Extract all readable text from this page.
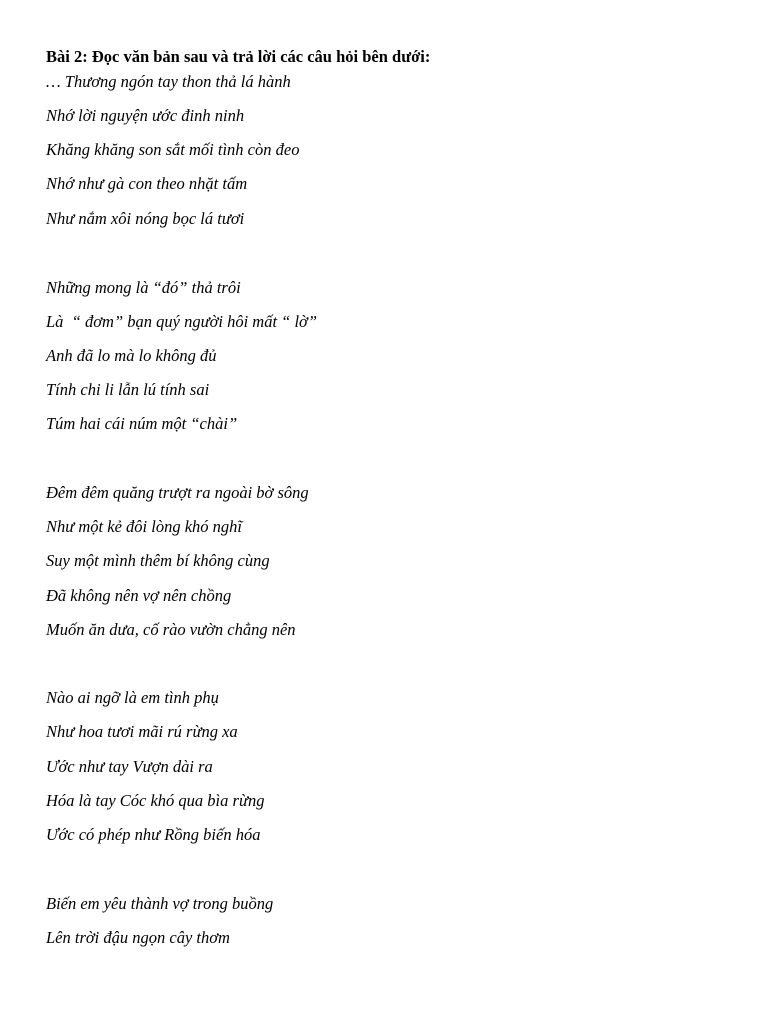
Bài 2: Đọc văn bản sau và trả lời các câu hỏi bên dưới:
… Thương ngón tay thon thả lá hành
Nhớ lời nguyện ước đinh ninh
Khăng khăng son sắt mối tình còn đeo
Nhớ như gà con theo nhặt tấm
Như nắm xôi nóng bọc lá tươi
Những mong là “đó” thả trôi
Là  “ đơm” bạn quý người hôi mất “ lờ”
Anh đã lo mà lo không đủ
Tính chi li lẫn lú tính sai
Túm hai cái núm một “chài”
Đêm đêm quăng trượt ra ngoài bờ sông
Như một kẻ đôi lòng khó nghĩ
Suy một mình thêm bí không cùng
Đã không nên vợ nên chồng
Muốn ăn dưa, cố rào vườn chẳng nên
Nào ai ngỡ là em tình phụ
Như hoa tươi mãi rú rừng xa
Ước như tay Vượn dài ra
Hóa là tay Cóc khó qua bìa rừng
Ước có phép như Rồng biến hóa
Biến em yêu thành vợ trong buồng
Lên trời đậu ngọn cây thơm
